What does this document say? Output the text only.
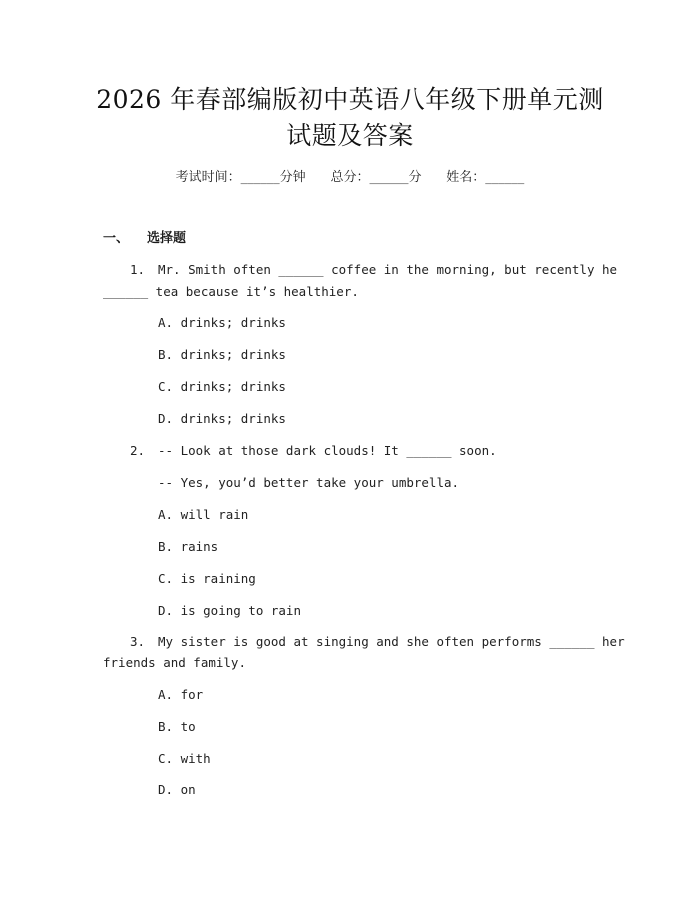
2026 年春部编版初中英语八年级下册单元测
试题及答案
考试时间：______分钟 总分：______分 姓名：______
一、 选择题
1. Mr. Smith often ______ coffee in the morning, but recently he
______ tea because it’s healthier.
A. drinks; drinks
B. drinks; drinks
C. drinks; drinks
D. drinks; drinks
2. -- Look at those dark clouds! It ______ soon.
-- Yes, you’d better take your umbrella.
A. will rain
B. rains
C. is raining
D. is going to rain
3. My sister is good at singing and she often performs ______ her
friends and family.
A. for
B. to
C. with
D. on
